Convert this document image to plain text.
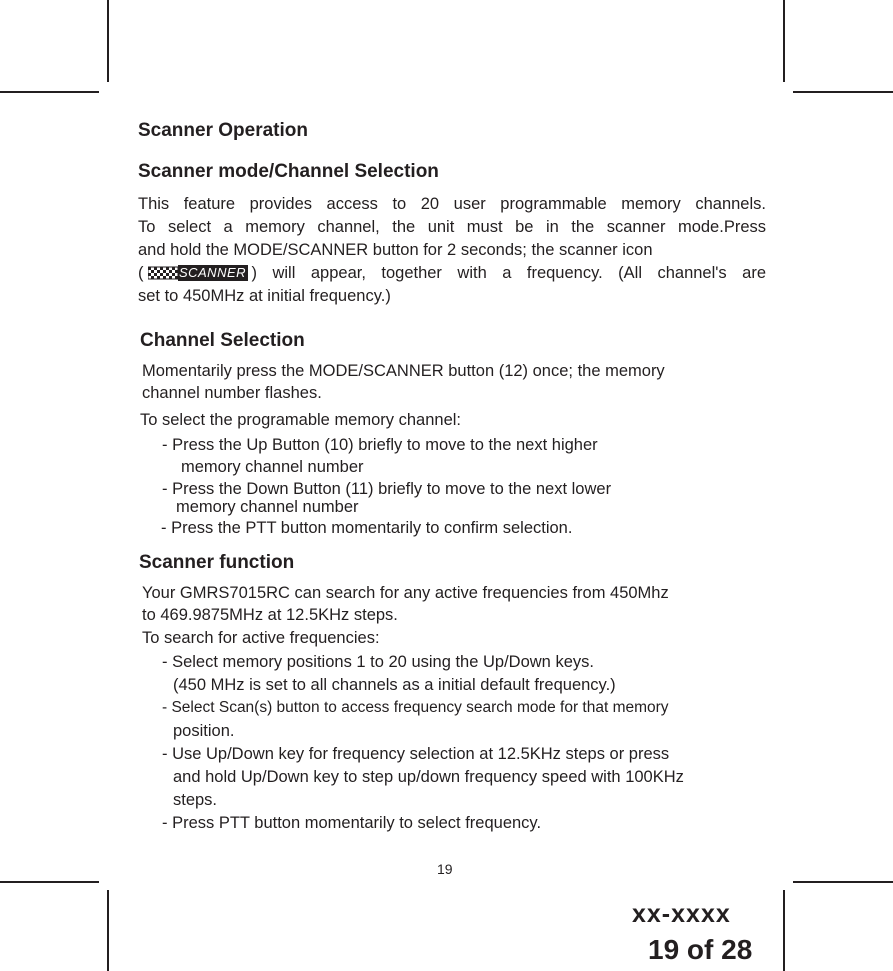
Scanner Operation
Scanner mode/Channel Selection
This feature provides access to 20 user programmable memory channels.
To select a memory channel, the unit must be in the scanner mode.Press
and hold the MODE/SCANNER button for 2 seconds; the scanner icon
(	SCANNER ) will appear, together with a frequency. (All channel's are
set to 450MHz at initial frequency.)
Channel Selection
Momentarily press the MODE/SCANNER button (12) once; the memory
channel number flashes.
To select the programable memory channel:
- Press the Up Button (10) briefly to move to the next higher
memory channel number
- Press the Down Button (11) briefly to move to the next lower
memory channel number
- Press the PTT button momentarily to confirm selection.
Scanner function
Your GMRS7015RC can search for any active frequencies from 450Mhz
to 469.9875MHz at 12.5KHz steps.
To search for active frequencies:
- Select memory positions 1 to 20 using the Up/Down keys.
(450 MHz is set to all channels as a initial default frequency.)
- Select Scan(s) button to access frequency search mode for that memory
position.
- Use Up/Down key for frequency selection at 12.5KHz steps or press
and hold Up/Down key to step up/down frequency speed with 100KHz
steps.
- Press PTT button momentarily to select frequency.
19
xx-xxxx
19 of 28
